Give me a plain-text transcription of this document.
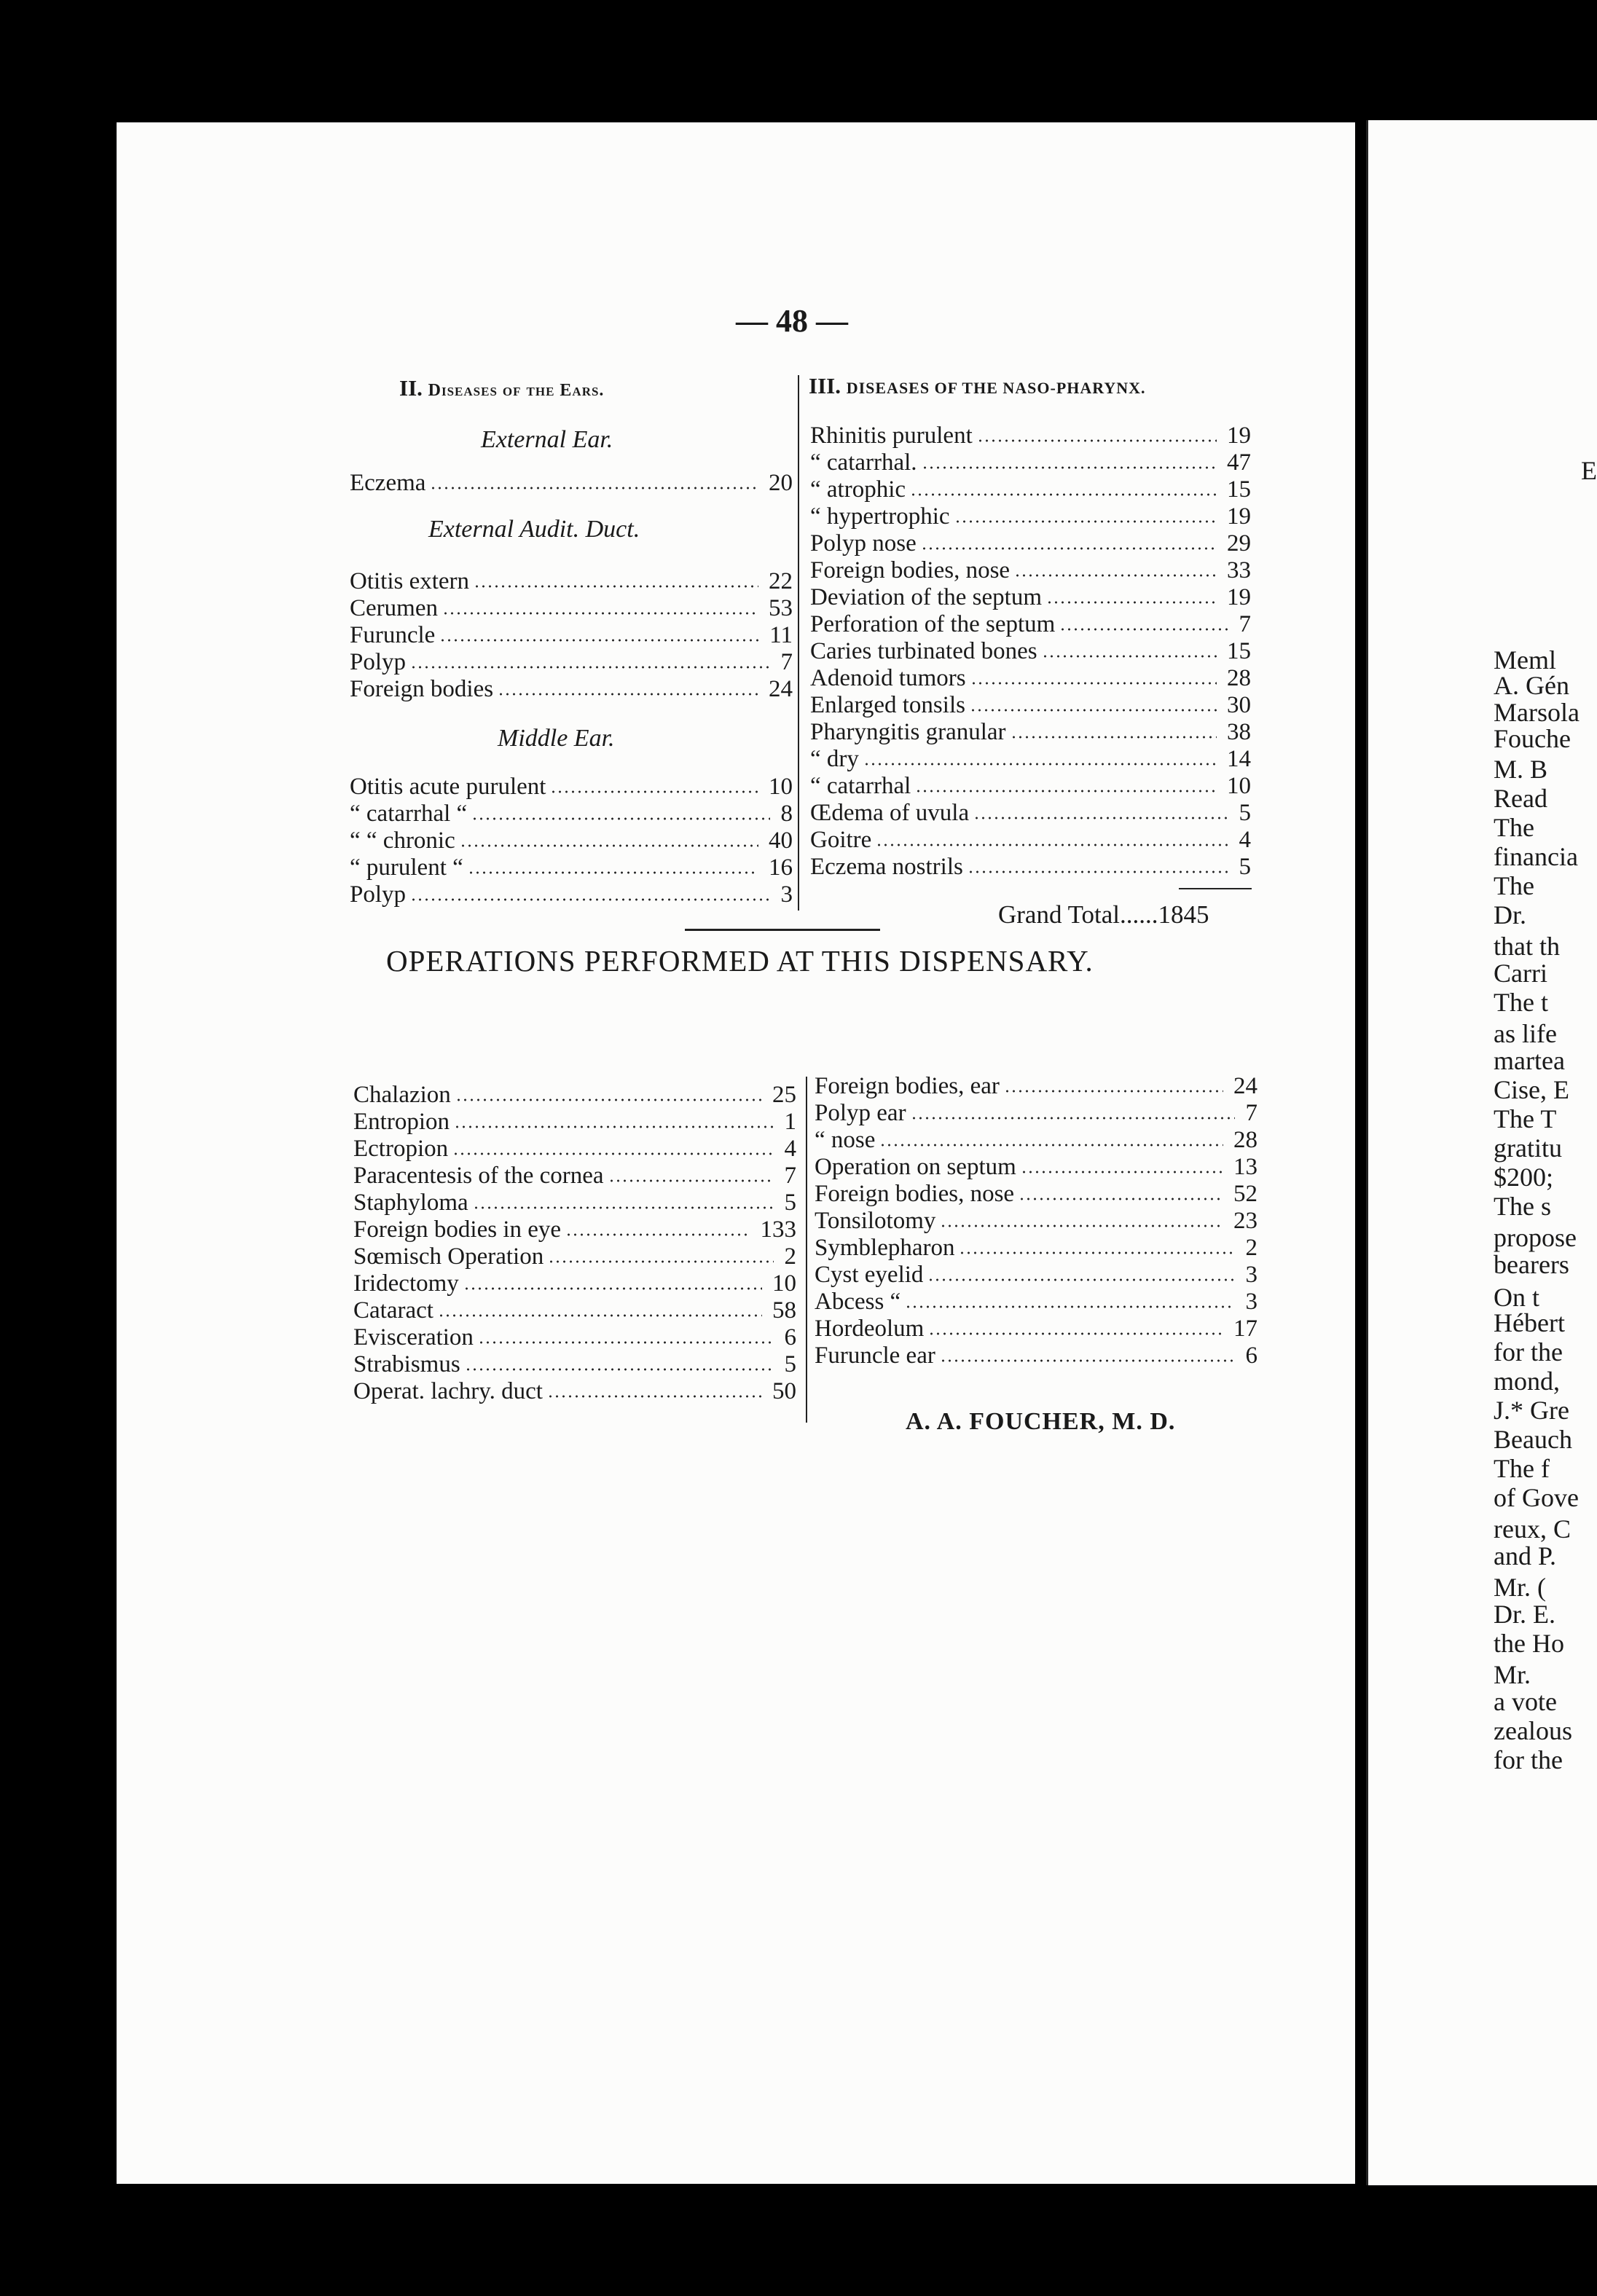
— 48 —
II. Diseases of the Ears.	III. DISEASES OF THE NASO-PHARYNX.
External Ear.
External Audit. Duct.
Middle Ear.
Eczema	20
Otitis extern	22
Cerumen	53
Furuncle	11
Polyp	7
Foreign bodies	24
Otitis acute purulent	10
“ catarrhal “	8
“ “ chronic	40
“ purulent “	16
Polyp	3
Rhinitis purulent	19
“ catarrhal.	47
“ atrophic	15
“ hypertrophic	19
Polyp nose	29
Foreign bodies, nose	33
Deviation of the septum	19
Perforation of the septum	7
Caries turbinated bones	15
Adenoid tumors	28
Enlarged tonsils	30
Pharyngitis granular	38
“ dry	14
“ catarrhal	10
Œdema of uvula	5
Goitre	4
Eczema nostrils	5
Grand Total......1845
OPERATIONS PERFORMED AT THIS DISPENSARY.
Chalazion	25
Entropion	1
Ectropion	4
Paracentesis of the cornea	7
Staphyloma	5
Foreign bodies in eye	133
Sœmisch Operation	2
Iridectomy	10
Cataract	58
Evisceration	6
Strabismus	5
Operat. lachry. duct	50
Foreign bodies, ear	24
Polyp ear	7
“ nose	28
Operation on septum	13
Foreign bodies, nose	52
Tonsilotomy	23
Symblepharon	2
Cyst eyelid	3
Abcess “	3
Hordeolum	17
Furuncle ear	6
A. A. FOUCHER, M. D.
E
Meml
A. Gén
Marsola
Fouche
M. B
Read
The
financia
The
Dr.
that th
Carri
The t
as life
martea
Cise, E
The T
gratitu
$200;
The s
propose
bearers
On t
Hébert
for the
mond,
J.* Gre
Beauch
The f
of Gove
reux, C
and P.
Mr. (
Dr. E.
the Ho
Mr.
a vote
zealous
for the
